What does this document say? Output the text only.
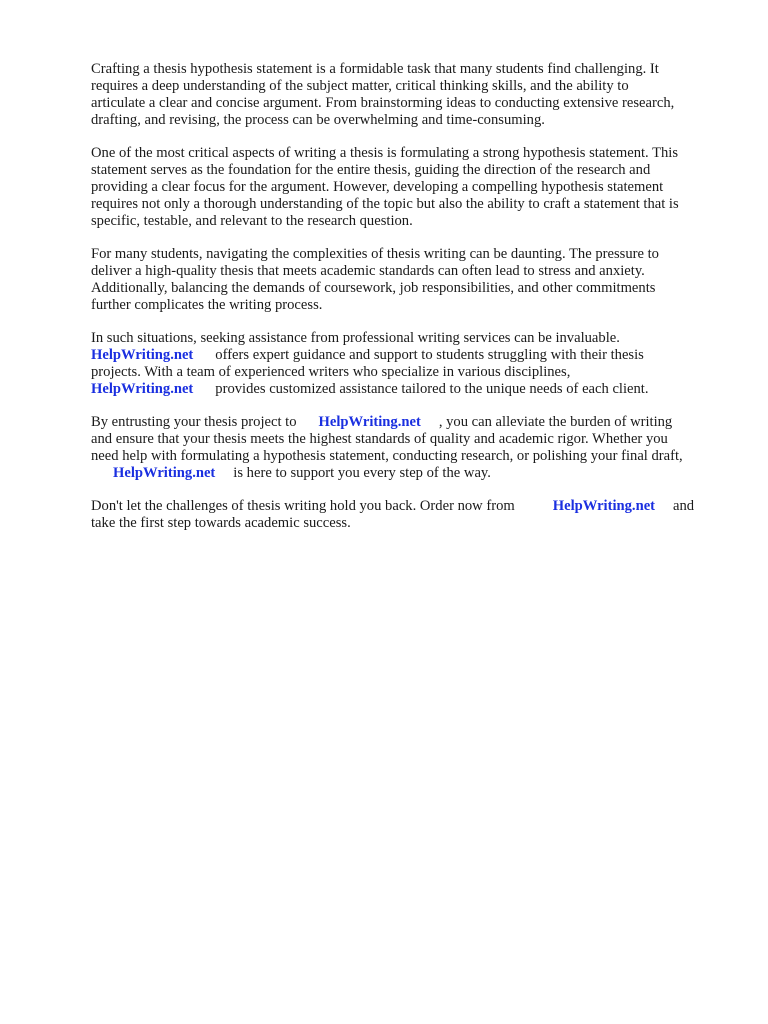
Crafting a thesis hypothesis statement is a formidable task that many students find challenging. It
requires a deep understanding of the subject matter, critical thinking skills, and the ability to
articulate a clear and concise argument. From brainstorming ideas to conducting extensive research,
drafting, and revising, the process can be overwhelming and time-consuming.
One of the most critical aspects of writing a thesis is formulating a strong hypothesis statement. This
statement serves as the foundation for the entire thesis, guiding the direction of the research and
providing a clear focus for the argument. However, developing a compelling hypothesis statement
requires not only a thorough understanding of the topic but also the ability to craft a statement that is
specific, testable, and relevant to the research question.
For many students, navigating the complexities of thesis writing can be daunting. The pressure to
deliver a high-quality thesis that meets academic standards can often lead to stress and anxiety.
Additionally, balancing the demands of coursework, job responsibilities, and other commitments
further complicates the writing process.
In such situations, seeking assistance from professional writing services can be invaluable.
HelpWriting.net offers expert guidance and support to students struggling with their thesis
projects. With a team of experienced writers who specialize in various disciplines,
HelpWriting.net provides customized assistance tailored to the unique needs of each client.
By entrusting your thesis project to HelpWriting.net , you can alleviate the burden of writing
and ensure that your thesis meets the highest standards of quality and academic rigor. Whether you
need help with formulating a hypothesis statement, conducting research, or polishing your final draft,
HelpWriting.net is here to support you every step of the way.
Don't let the challenges of thesis writing hold you back. Order now from	HelpWriting.net and
take the first step towards academic success.
